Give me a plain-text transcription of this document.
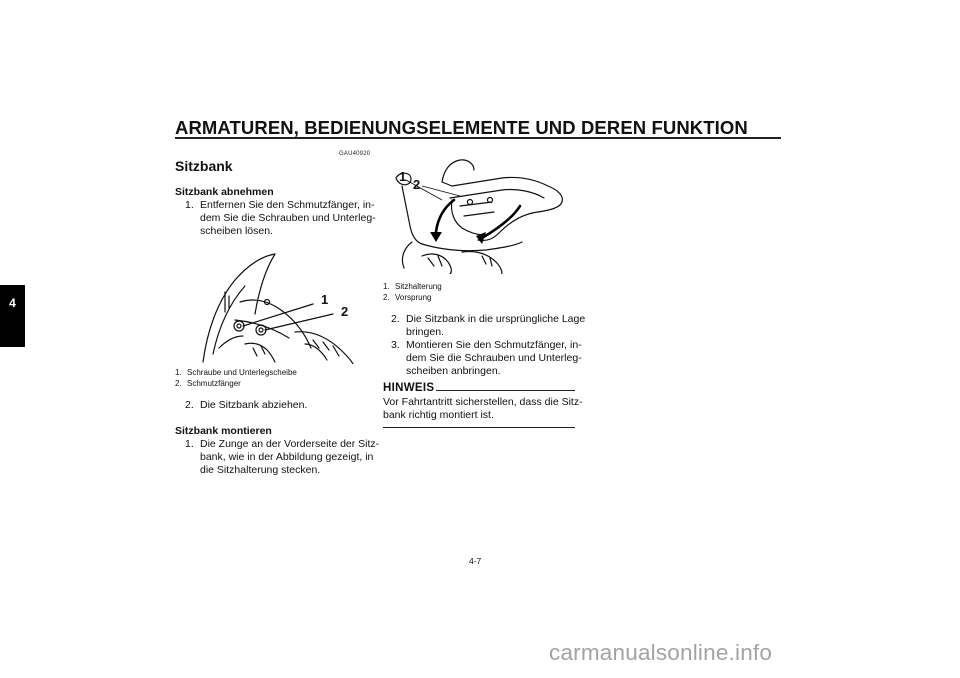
ARMATUREN, BEDIENUNGSELEMENTE UND DEREN FUNKTION
4
GAU40920
Sitzbank
Sitzbank abnehmen
1. Entfernen Sie den Schmutzfänger, in-
dem Sie die Schrauben und Unterleg-
scheiben lösen.
1
2
1. Schraube und Unterlegscheibe
2. Schmutzfänger
2. Die Sitzbank abziehen.
Sitzbank montieren
1. Die Zunge an der Vorderseite der Sitz-
bank, wie in der Abbildung gezeigt, in
die Sitzhalterung stecken.
1
2
1. Sitzhalterung
2. Vorsprung
2. Die Sitzbank in die ursprüngliche Lage
bringen.
3. Montieren Sie den Schmutzfänger, in-
dem Sie die Schrauben und Unterleg-
scheiben anbringen.
HINWEIS
Vor Fahrtantritt sicherstellen, dass die Sitz-
bank richtig montiert ist.
4-7
carmanualsonline.info
